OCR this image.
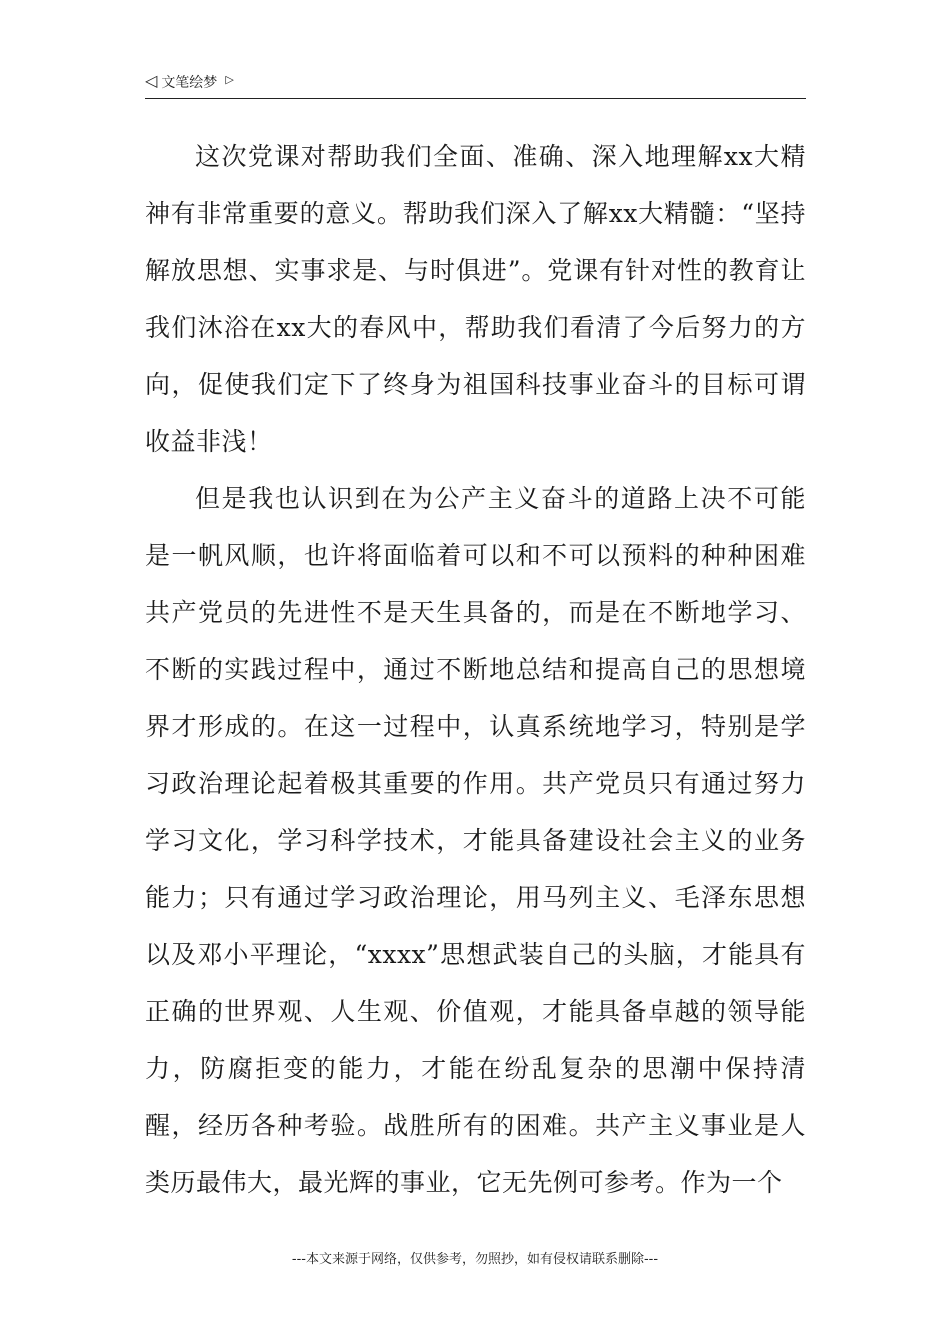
◁ 文笔绘梦 ▷

这次党课对帮助我们全面、准确、深入地理解xx大精神有非常重要的意义。帮助我们深入了解xx大精髓：“坚持解放思想、实事求是、与时俱进”。党课有针对性的教育让我们沐浴在xx大的春风中，帮助我们看清了今后努力的方向，促使我们定下了终身为祖国科技事业奋斗的目标可谓收益非浅！

但是我也认识到在为公产主义奋斗的道路上决不可能是一帆风顺，也许将面临着可以和不可以预料的种种困难共产党员的先进性不是天生具备的，而是在不断地学习、不断的实践过程中，通过不断地总结和提高自己的思想境界才形成的。在这一过程中，认真系统地学习，特别是学习政治理论起着极其重要的作用。共产党员只有通过努力学习文化，学习科学技术，才能具备建设社会主义的业务能力；只有通过学习政治理论，用马列主义、毛泽东思想以及邓小平理论，“xxxx”思想武装自己的头脑，才能具有正确的世界观、人生观、价值观，才能具备卓越的领导能力，防腐拒变的能力，才能在纷乱复杂的思潮中保持清醒，经历各种考验。战胜所有的困难。共产主义事业是人类历最伟大，最光辉的事业，它无先例可参考。作为一个

---本文来源于网络，仅供参考，勿照抄，如有侵权请联系删除---
